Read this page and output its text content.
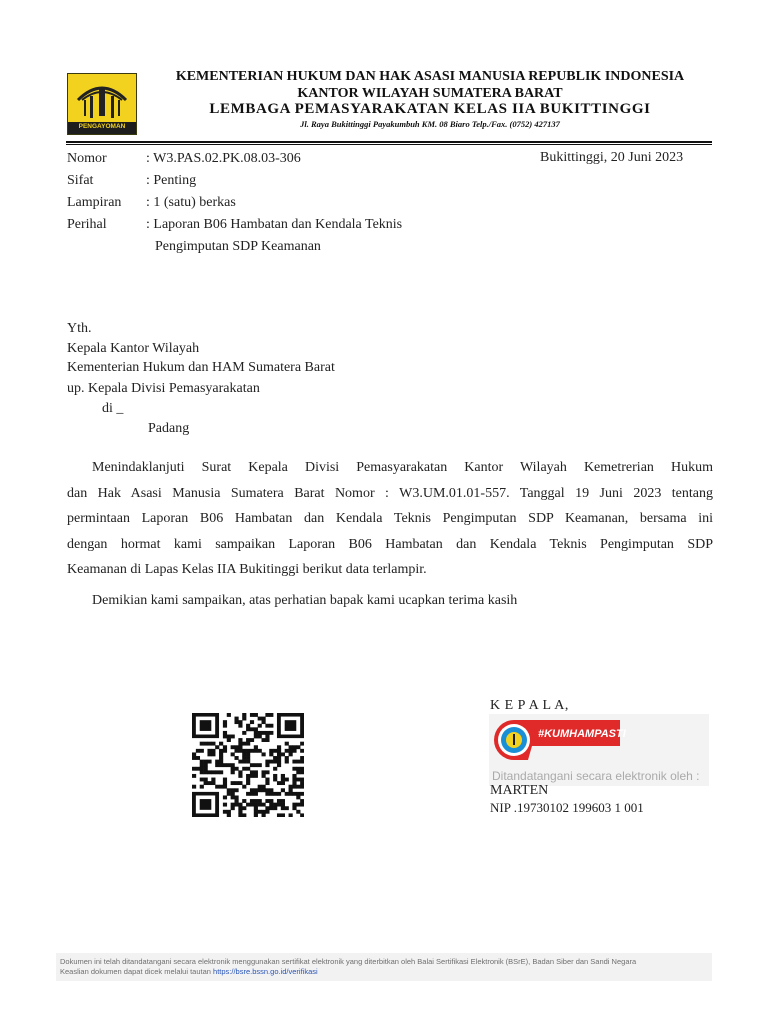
PENGAYOMAN
KEMENTERIAN HUKUM DAN HAK ASASI MANUSIA REPUBLIK INDONESIA
KANTOR WILAYAH SUMATERA BARAT
LEMBAGA PEMASYARAKATAN KELAS IIA BUKITTINGGI
Jl. Raya Bukittinggi Payakumbuh KM. 08 Biaro Telp./Fax. (0752) 427137
Nomor	: W3.PAS.02.PK.08.03-306
Sifat	: Penting
Lampiran : 1 (satu) berkas
Perihal	: Laporan B06 Hambatan dan Kendala Teknis
Pengimputan SDP Keamanan
Bukittinggi, 20 Juni 2023
Yth.
Kepala Kantor Wilayah
Kementerian Hukum dan HAM Sumatera Barat
up. Kepala Divisi Pemasyarakatan
di _
Padang
Menindaklanjuti Surat Kepala Divisi Pemasyarakatan Kantor Wilayah Kemetrerian Hukum
dan Hak Asasi Manusia Sumatera Barat Nomor : W3.UM.01.01-557. Tanggal 19 Juni 2023 tentang
permintaan Laporan B06 Hambatan dan Kendala Teknis Pengimputan SDP Keamanan, bersama ini
dengan hormat kami sampaikan Laporan B06 Hambatan dan Kendala Teknis Pengimputan SDP
Keamanan di Lapas Kelas IIA Bukitinggi berikut data terlampir.
Demikian kami sampaikan, atas perhatian bapak kami ucapkan terima kasih
K E P A L A,
#KUMHAMPASTI
Ditandatangani secara elektronik oleh :
MARTEN
NIP .19730102 199603 1 001
Dokumen ini telah ditandatangani secara elektronik menggunakan sertifikat elektronik yang diterbitkan oleh Balai Sertifikasi Elektronik (BSrE), Badan Siber dan Sandi Negara
Keaslian dokumen dapat dicek melalui tautan https://bsre.bssn.go.id/verifikasi
